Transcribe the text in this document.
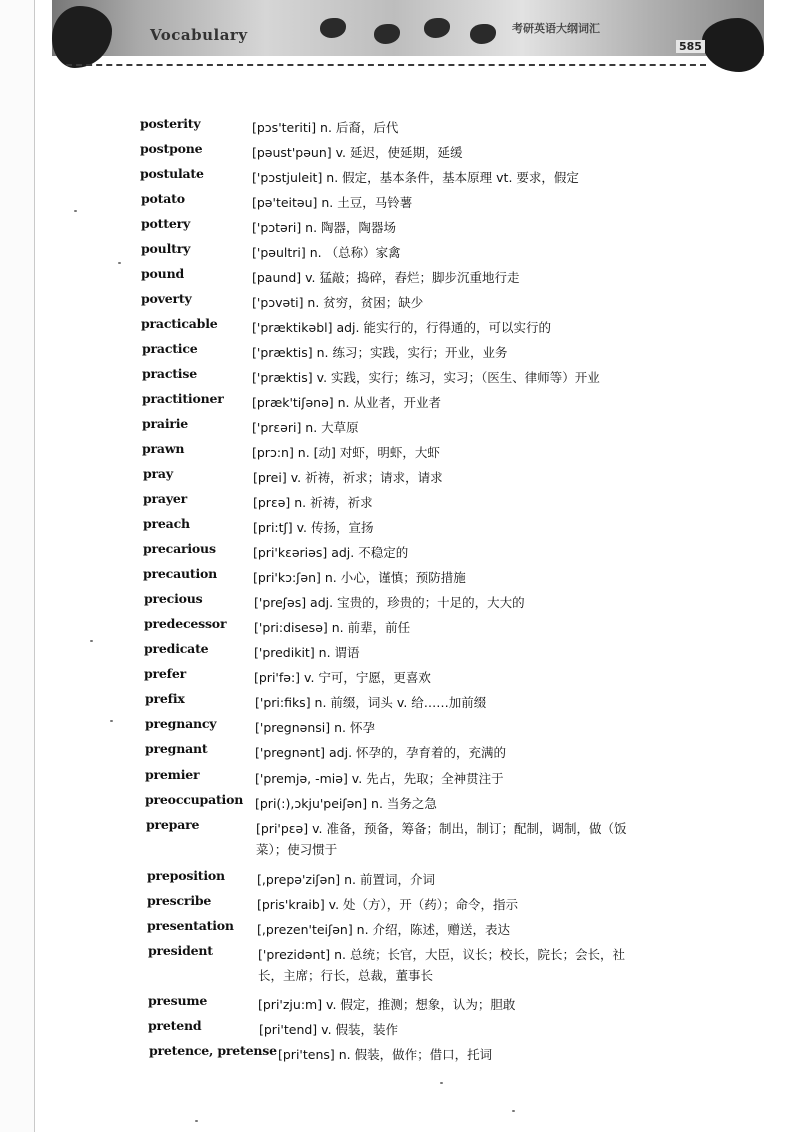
Vocabulary	考研英语大纲词汇
585
posterity	[pɔs'teriti] n. 后裔，后代
postpone	[pəust'pəun] v. 延迟，使延期，延缓
postulate	['pɔstjuleit] n. 假定，基本条件，基本原理 vt. 要求，假定
potato	[pə'teitəu] n. 土豆，马铃薯
pottery	['pɔtəri] n. 陶器，陶器场
poultry	['pəultri] n. （总称）家禽
pound	[paund] v. 猛敲；捣碎，舂烂；脚步沉重地行走
poverty	['pɔvəti] n. 贫穷，贫困；缺少
practicable	['præktikəbl] adj. 能实行的，行得通的，可以实行的
practice	['præktis] n. 练习；实践，实行；开业，业务
practise	['præktis] v. 实践，实行；练习，实习；（医生、律师等）开业
practitioner [præk'tiʃənə] n. 从业者，开业者
prairie	['prɛəri] n. 大草原
prawn	[prɔ:n] n. [动] 对虾，明虾，大虾
pray	[prei] v. 祈祷，祈求；请求，请求
prayer	[prɛə] n. 祈祷，祈求
preach	[pri:tʃ] v. 传扬，宣扬
precarious	[pri'kɛəriəs] adj. 不稳定的
precaution	[pri'kɔ:ʃən] n. 小心，谨慎；预防措施
precious	['preʃəs] adj. 宝贵的，珍贵的；十足的，大大的
predecessor ['pri:disesə] n. 前辈，前任
predicate	['predikit] n. 谓语
prefer	[pri'fə:] v. 宁可，宁愿，更喜欢
prefix	['pri:fiks] n. 前缀，词头 v. 给……加前缀
pregnancy	['pregnənsi] n. 怀孕
pregnant	['pregnənt] adj. 怀孕的，孕育着的，充满的
premier	['premjə, -miə] v. 先占，先取；全神贯注于
preoccupation [pri(:),ɔkju'peiʃən] n. 当务之急
prepare	[pri'pɛə] v. 准备，预备，筹备；制出，制订；配制，调制，做（饭
菜）；使习惯于
preposition	[,prepə'ziʃən] n. 前置词，介词
prescribe	[pris'kraib] v. 处（方），开（药）；命令，指示
presentation [,prezen'teiʃən] n. 介绍，陈述，赠送，表达
president	['prezidənt] n. 总统；长官，大臣，议长；校长，院长；会长，社
长，主席；行长，总裁，董事长
presume	[pri'zju:m] v. 假定，推测；想象，认为；胆敢
pretend	[pri'tend] v. 假装，装作
pretence, pretense [pri'tens] n. 假装，做作；借口，托词
